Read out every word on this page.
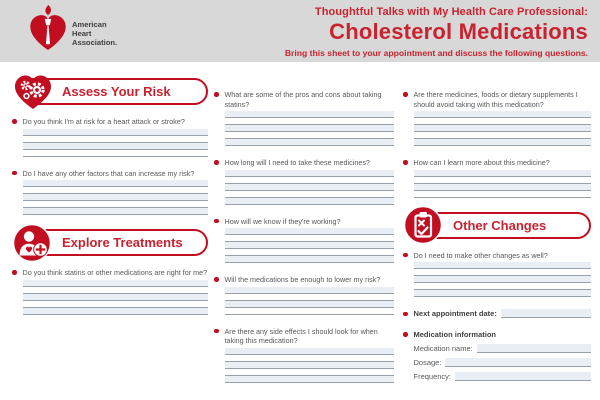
American
Heart
Association.
Thoughtful Talks with My Health Care Professional:
Cholesterol Medications
Bring this sheet to your appointment and discuss the following questions.
Assess Your Risk
Do you think I'm at risk for a heart attack or stroke?
Do I have any other factors that can increase my risk?
Explore Treatments
Do you think statins or other medications are right for me?
What are some of the pros and cons about taking statins?
How long will I need to take these medicines?
How will we know if they're working?
Will the medications be enough to lower my risk?
Are there any side effects I should look for when taking this medication?
Are there medicines, foods or dietary supplements I should avoid taking with this medication?
How can I learn more about this medicine?
Other Changes
Do I need to make other changes as well?
Next appointment date:
Medication information
Medication name:
Dosage:
Frequency:
